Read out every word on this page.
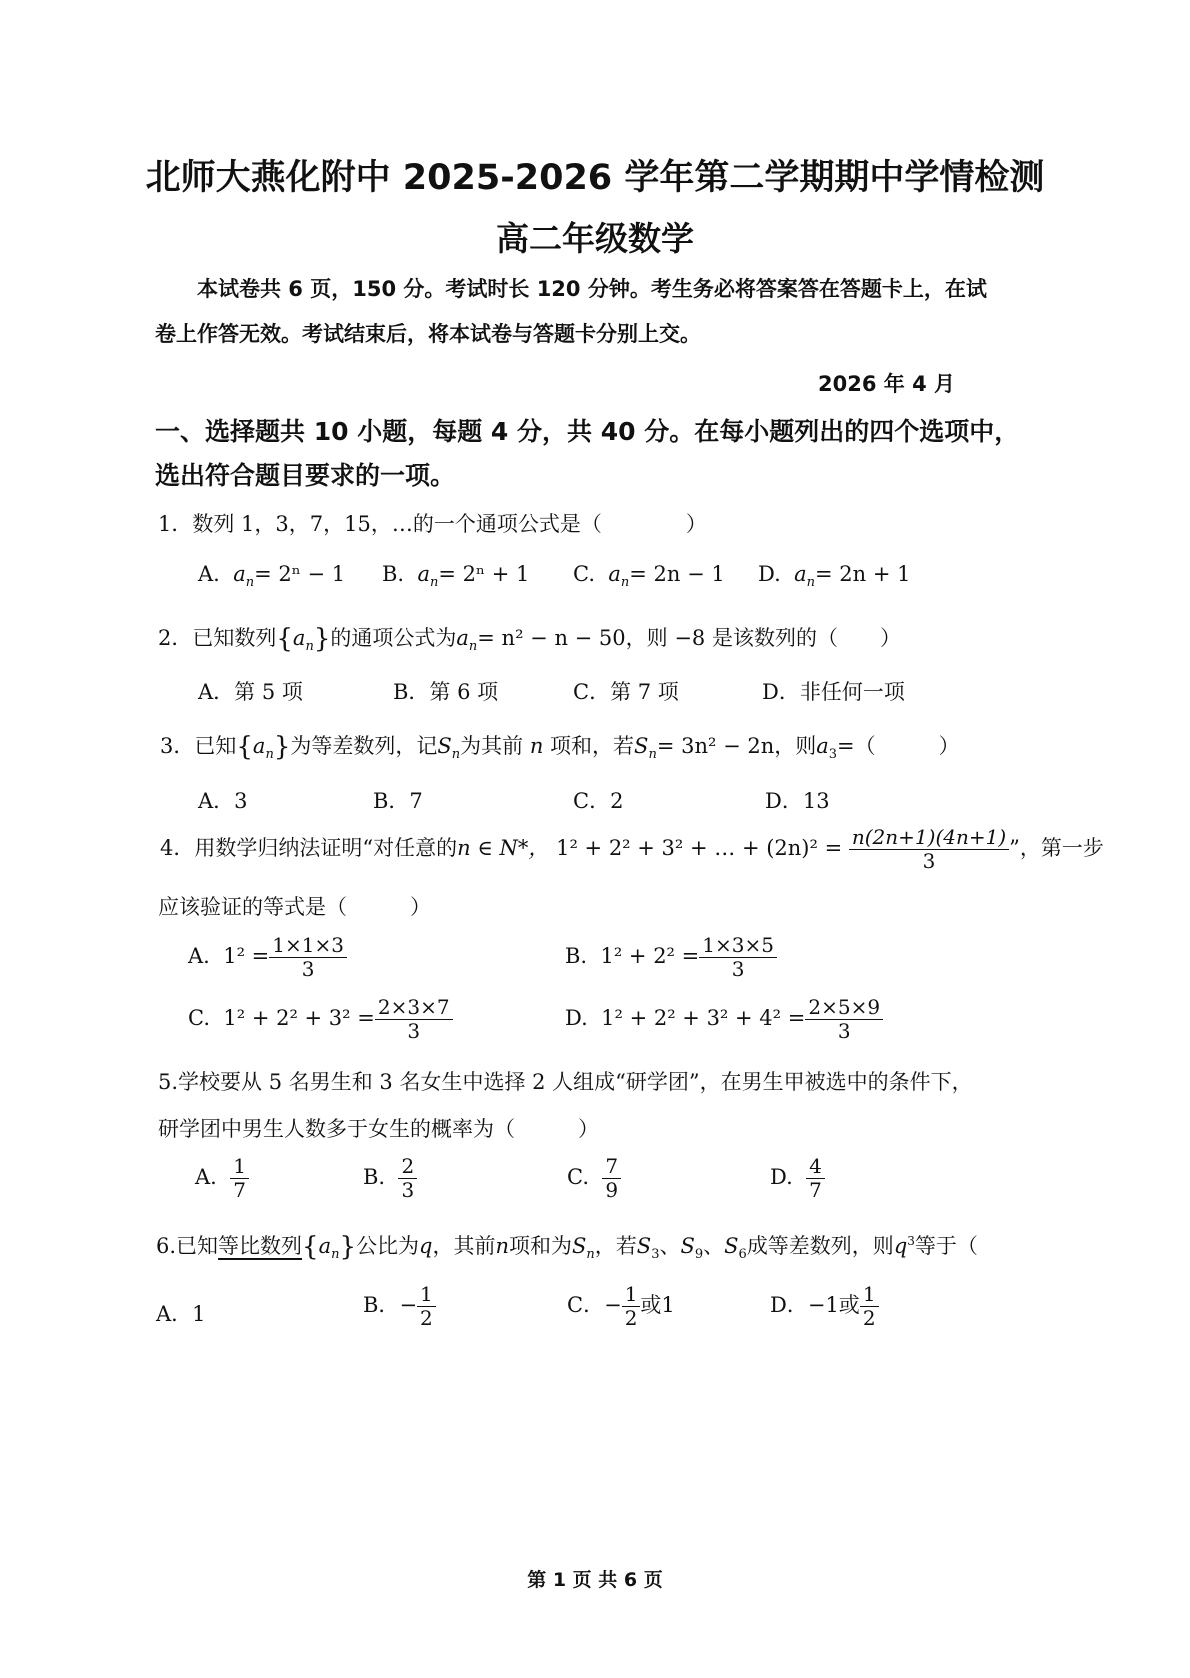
北师大燕化附中 2025-2026 学年第二学期期中学情检测
高二年级数学
本试卷共 6 页，150 分。考试时长 120 分钟。考生务必将答案答在答题卡上，在试
卷上作答无效。考试结束后，将本试卷与答题卡分别上交。
2026 年 4 月
一、选择题共 10 小题，每题 4 分，共 40 分。在每小题列出的四个选项中，
选出符合题目要求的一项。
1．数列 1，3，7，15，…的一个通项公式是（　　　　）
A. $a_n= 2^n - 1$ B. $a_n= 2^n + 1$ C. $a_n= 2n - 1$ D. $a_n= 2n + 1$
2．已知数列$\{a_n\}$的通项公式为$a_n= n^2 - n - 50$，则 −8 是该数列的（　　）
A．第 5 项	B．第 6 项	C．第 7 项	D．非任何一项
3．已知$\{a_n\}$为等差数列，记$S_n$为其前 n 项和，若$S_n= 3n^2 - 2n$，则$a_3=$（　　　）
A．3	B．7	C．2	D．13
4．用数学归纳法证明“对任意的n ∈ N*， 1² + 2² + 3² + … + $(2n)^2 = \frac{n(2n+1)(4n+1)}{3}$ ”，第一步
应该验证的等式是（　　　）
A. $1^2 = \frac{1\times 1\times 3}{3}$	B. $1^2 + 2^2 = \frac{1\times 3\times 5}{3}$
C. $1^2 + 2^2 + 3^2 = \frac{2\times 3\times 7}{3}$	D. $1^2 + 2^2 + 3^2 + 4^2 = \frac{2\times 5\times 9}{3}$
5.学校要从 5 名男生和 3 名女生中选择 2 人组成“研学团”，在男生甲被选中的条件下，
研学团中男生人数多于女生的概率为（　　　）
A. $\frac{1}{7}$	B. $\frac{2}{3}$	C. $\frac{7}{9}$	D. $\frac{4}{7}$
6.已知等比数列$\{a_n\}$公比为q，其前n项和为$S_n$，若$S_3$、$S_9$、$S_6$成等差数列，则$q^3$等于（
A．1	B．− $\frac{1}{2}$	C．− $\frac{1}{2}$ 或1	D．−1或 $\frac{1}{2}$
第 1 页 共 6 页
